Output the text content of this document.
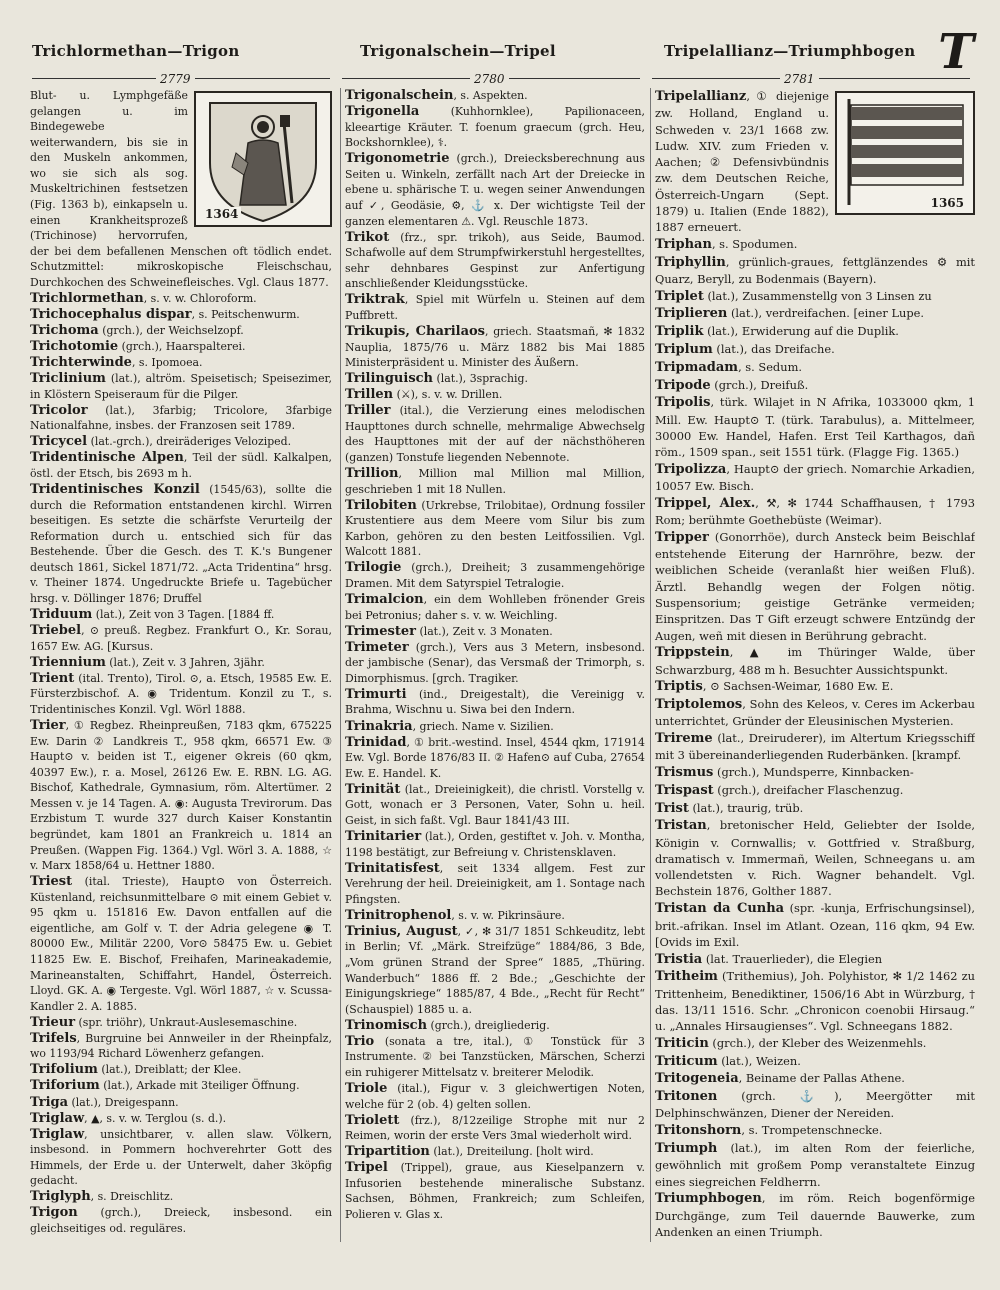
Trichlormethan—Trigon	Trigonalschein—Tripel	Tripelallianz—Triumphbogen T
2779	2780	2781
1364

Blut- u. Lymphgefäße gelangen u. im Bindegewebe weiterwandern, bis sie in den Muskeln ankommen, wo sie sich als sog. Muskeltrichinen festsetzen (Fig. 1363 b), einkapseln u. einen Krankheitsprozeß (Trichinose) hervorrufen, der bei dem befallenen Menschen oft tödlich endet. Schutzmittel: mikroskopische Fleischschau, Durchkochen des Schweinefleisches. Vgl. Claus 1877.

Trichlormethan, s. v. w. Chloroform.

Trichocephalus dispar, s. Peitschenwurm.

Trichoma (grch.), der Weichselzopf.

Trichotomie (grch.), Haarspalterei.

Trichterwinde, s. Ipomoea.

Triclinium (lat.), altröm. Speisetisch; Speisezimer, in Klöstern Speiseraum für die Pilger.

Tricolor (lat.), 3farbig; Tricolore, 3farbige Nationalfahne, insbes. der Franzosen seit 1789.

Tricycel (lat.-grch.), dreiräderiges Veloziped.

Tridentinische Alpen, Teil der südl. Kalkalpen, östl. der Etsch, bis 2693 m h.

Tridentinisches Konzil (1545/63), sollte die durch die Reformation entstandenen kirchl. Wirren beseitigen. Es setzte die schärfste Verurteilg der Reformation durch u. entschied sich für das Bestehende. Über die Gesch. des T. K.'s Bungener deutsch 1861, Sickel 1871/72. „Acta Tridentina“ hrsg. v. Theiner 1874. Ungedruckte Briefe u. Tagebücher hrsg. v. Döllinger 1876; Druffel

Triduum (lat.), Zeit von 3 Tagen. [1884 ff.

Triebel, ⊙ preuß. Regbez. Frankfurt O., Kr. Sorau, 1657 Ew. AG. [Kursus.

Triennium (lat.), Zeit v. 3 Jahren, 3jähr.

Trient (ital. Trento), Tirol. ⊙, a. Etsch, 19585 Ew. E. Fürsterzbischof. A. ◉ Tridentum. Konzil zu T., s. Tridentinisches Konzil. Vgl. Wörl 1888.

Trier, ① Regbez. Rheinpreußen, 7183 qkm, 675225 Ew. Darin ② Landkreis T., 958 qkm, 66571 Ew. ③ Haupt⊙ v. beiden ist T., eigener ⊙kreis (60 qkm, 40397 Ew.), r. a. Mosel, 26126 Ew. E. RBN. LG. AG. Bischof, Kathedrale, Gymnasium, röm. Altertümer. 2 Messen v. je 14 Tagen. A. ◉: Augusta Trevirorum. Das Erzbistum T. wurde 327 durch Kaiser Konstantin begründet, kam 1801 an Frankreich u. 1814 an Preußen. (Wappen Fig. 1364.) Vgl. Wörl 3. A. 1888, ☆ v. Marx 1858/64 u. Hettner 1880.

Triest (ital. Trieste), Haupt⊙ von Österreich. Küstenland, reichsunmittelbare ⊙ mit einem Gebiet v. 95 qkm u. 151816 Ew. Davon entfallen auf die eigentliche, am Golf v. T. der Adria gelegene ◉ T. 80000 Ew., Militär 2200, Vor⊙ 58475 Ew. u. Gebiet 11825 Ew. E. Bischof, Freihafen, Marineakademie, Marineanstalten, Schiffahrt, Handel, Österreich. Lloyd. GK. A. ◉ Tergeste. Vgl. Wörl 1887, ☆ v. Scussa-Kandler 2. A. 1885.

Trieur (spr. triöhr), Unkraut-Auslesemaschine.

Trifels, Burgruine bei Annweiler in der Rheinpfalz, wo 1193/94 Richard Löwenherz gefangen.

Trifolium (lat.), Dreiblatt; der Klee.

Triforium (lat.), Arkade mit 3teiliger Öffnung.

Triga (lat.), Dreigespann.

Triglaw, ▲, s. v. w. Terglou (s. d.).

Triglaw, unsichtbarer, v. allen slaw. Völkern, insbesond. in Pommern hochverehrter Gott des Himmels, der Erde u. der Unterwelt, daher 3köpfig gedacht.

Triglyph, s. Dreischlitz.

Trigon (grch.), Dreieck, insbesond. ein gleichseitiges od. reguläres.

Trigonalschein, s. Aspekten.

Trigonella (Kuhhornklee), Papilionaceen, kleeartige Kräuter. T. foenum graecum (grch. Heu, Bockshornklee), ⚕.

Trigonometrie (grch.), Dreiecksberechnung aus Seiten u. Winkeln, zerfällt nach Art der Dreiecke in ebene u. sphärische T. u. wegen seiner Anwendungen auf ✓, Geodäsie, ⚙, ⚓ x. Der wichtigste Teil der ganzen elementaren ⚠. Vgl. Reuschle 1873.

Trikot (frz., spr. trikoh), aus Seide, Baumod. Schafwolle auf dem Strumpfwirkerstuhl hergestelltes, sehr dehnbares Gespinst zur Anfertigung anschließender Kleidungsstücke.

Triktrak, Spiel mit Würfeln u. Steinen auf dem Puffbrett.

Trikupis, Charilaos, griech. Staatsmañ, ✻ 1832 Nauplia, 1875/76 u. März 1882 bis Mai 1885 Ministerpräsident u. Minister des Äußern.

Trilinguisch (lat.), 3sprachig.

Trillen (⚔), s. v. w. Drillen.

Triller (ital.), die Verzierung eines melodischen Haupttones durch schnelle, mehrmalige Abwechselg des Haupttones mit der auf der nächsthöheren (ganzen) Tonstufe liegenden Nebennote.

Trillion, Million mal Million mal Million, geschrieben 1 mit 18 Nullen.

Trilobiten (Urkrebse, Trilobitae), Ordnung fossiler Krustentiere aus dem Meere vom Silur bis zum Karbon, gehören zu den besten Leitfossilien. Vgl. Walcott 1881.

Trilogie (grch.), Dreiheit; 3 zusammengehörige Dramen. Mit dem Satyrspiel Tetralogie.

Trimalcion, ein dem Wohlleben frönender Greis bei Petronius; daher s. v. w. Weichling.

Trimester (lat.), Zeit v. 3 Monaten.

Trimeter (grch.), Vers aus 3 Metern, insbesond. der jambische (Senar), das Versmaß der Trimorph, s. Dimorphismus. [grch. Tragiker.

Trimurti (ind., Dreigestalt), die Vereinigg v. Brahma, Wischnu u. Siwa bei den Indern.

Trinakria, griech. Name v. Sizilien.

Trinidad, ① brit.-westind. Insel, 4544 qkm, 171914 Ew. Vgl. Borde 1876/83 II. ② Hafen⊙ auf Cuba, 27654 Ew. E. Handel. K.

Trinität (lat., Dreieinigkeit), die christl. Vorstellg v. Gott, wonach er 3 Personen, Vater, Sohn u. heil. Geist, in sich faßt. Vgl. Baur 1841/43 III.

Trinitarier (lat.), Orden, gestiftet v. Joh. v. Montha, 1198 bestätigt, zur Befreiung v. Christensklaven.

Trinitatisfest, seit 1334 allgem. Fest zur Verehrung der heil. Dreieinigkeit, am 1. Sontage nach Pfingsten.

Trinitrophenol, s. v. w. Pikrinsäure.

Trinius, August, ✓, ✻ 31/7 1851 Schkeuditz, lebt in Berlin; Vf. „Märk. Streifzüge“ 1884/86, 3 Bde, „Vom grünen Strand der Spree“ 1885, „Thüring. Wanderbuch“ 1886 ff. 2 Bde.; „Geschichte der Einigungskriege“ 1885/87, 4 Bde., „Recht für Recht“ (Schauspiel) 1885 u. a.

Trinomisch (grch.), dreigliederig.

Trio (sonata a tre, ital.), ① Tonstück für 3 Instrumente. ② bei Tanzstücken, Märschen, Scherzi ein ruhigerer Mittelsatz v. breiterer Melodik.

Triole (ital.), Figur v. 3 gleichwertigen Noten, welche für 2 (ob. 4) gelten sollen.

Triolett (frz.), 8/12zeilige Strophe mit nur 2 Reimen, worin der erste Vers 3mal wiederholt wird.

Tripartition (lat.), Dreiteilung. [holt wird.

Tripel (Trippel), graue, aus Kieselpanzern v. Infusorien bestehende mineralische Substanz. Sachsen, Böhmen, Frankreich; zum Schleifen, Polieren v. Glas x.

1365

Tripelallianz, ① diejenige zw. Holland, England u. Schweden v. 23/1 1668 zw. Ludw. XIV. zum Frieden v. Aachen; ② Defensivbündnis zw. dem Deutschen Reiche, Österreich-Ungarn (Sept. 1879) u. Italien (Ende 1882), 1887 erneuert.

Triphan, s. Spodumen.

Triphyllin, grünlich-graues, fettglänzendes ⚙ mit Quarz, Beryll, zu Bodenmais (Bayern).

Triplet (lat.), Zusammenstellg von 3 Linsen zu

Triplieren (lat.), verdreifachen. [einer Lupe.

Triplik (lat.), Erwiderung auf die Duplik.

Triplum (lat.), das Dreifache.

Tripmadam, s. Sedum.

Tripode (grch.), Dreifuß.

Tripolis, türk. Wilajet in N Afrika, 1033000 qkm, 1 Mill. Ew. Haupt⊙ T. (türk. Tarabulus), a. Mittelmeer, 30000 Ew. Handel, Hafen. Erst Teil Karthagos, dañ röm., 1509 span., seit 1551 türk. (Flagge Fig. 1365.)

Tripolizza, Haupt⊙ der griech. Nomarchie Arkadien, 10057 Ew. Bisch.

Trippel, Alex., ⚒, ✻ 1744 Schaffhausen, † 1793 Rom; berühmte Goethebüste (Weimar).

Tripper (Gonorrhöe), durch Ansteck beim Beischlaf entstehende Eiterung der Harnröhre, bezw. der weiblichen Scheide (veranlaßt hier weißen Fluß). Ärztl. Behandlg wegen der Folgen nötig. Suspensorium; geistige Getränke vermeiden; Einspritzen. Das T Gift erzeugt schwere Entzündg der Augen, weñ mit diesen in Berührung gebracht.

Trippstein, ▲ im Thüringer Walde, über Schwarzburg, 488 m h. Besuchter Aussichtspunkt.

Triptis, ⊙ Sachsen-Weimar, 1680 Ew. E.

Triptolemos, Sohn des Keleos, v. Ceres im Ackerbau unterrichtet, Gründer der Eleusinischen Mysterien.

Trireme (lat., Dreiruderer), im Altertum Kriegsschiff mit 3 übereinanderliegenden Ruderbänken. [krampf.

Trismus (grch.), Mundsperre, Kinnbacken-

Trispast (grch.), dreifacher Flaschenzug.

Trist (lat.), traurig, trüb.

Tristan, bretonischer Held, Geliebter der Isolde, Königin v. Cornwallis; v. Gottfried v. Straßburg, dramatisch v. Immermañ, Weilen, Schneegans u. am vollendetsten v. Rich. Wagner behandelt. Vgl. Bechstein 1876, Golther 1887.

Tristan da Cunha (spr. -kunja, Erfrischungsinsel), brit.-afrikan. Insel im Atlant. Ozean, 116 qkm, 94 Ew. [Ovids im Exil.

Tristia (lat. Trauerlieder), die Elegien

Tritheim (Trithemius), Joh. Polyhistor, ✻ 1/2 1462 zu Trittenheim, Benediktiner, 1506/16 Abt in Würzburg, † das. 13/11 1516. Schr. „Chronicon coenobii Hirsaug.“ u. „Annales Hirsaugienses“. Vgl. Schneegans 1882.

Triticin (grch.), der Kleber des Weizenmehls.

Triticum (lat.), Weizen.

Tritogeneia, Beiname der Pallas Athene.

Tritonen (grch. ⚓), Meergötter mit Delphinschwänzen, Diener der Nereiden.

Tritonshorn, s. Trompetenschnecke.

Triumph (lat.), im alten Rom der feierliche, gewöhnlich mit großem Pomp veranstaltete Einzug eines siegreichen Feldherrn.

Triumphbogen, im röm. Reich bogenförmige Durchgänge, zum Teil dauernde Bauwerke, zum Andenken an einen Triumph.
